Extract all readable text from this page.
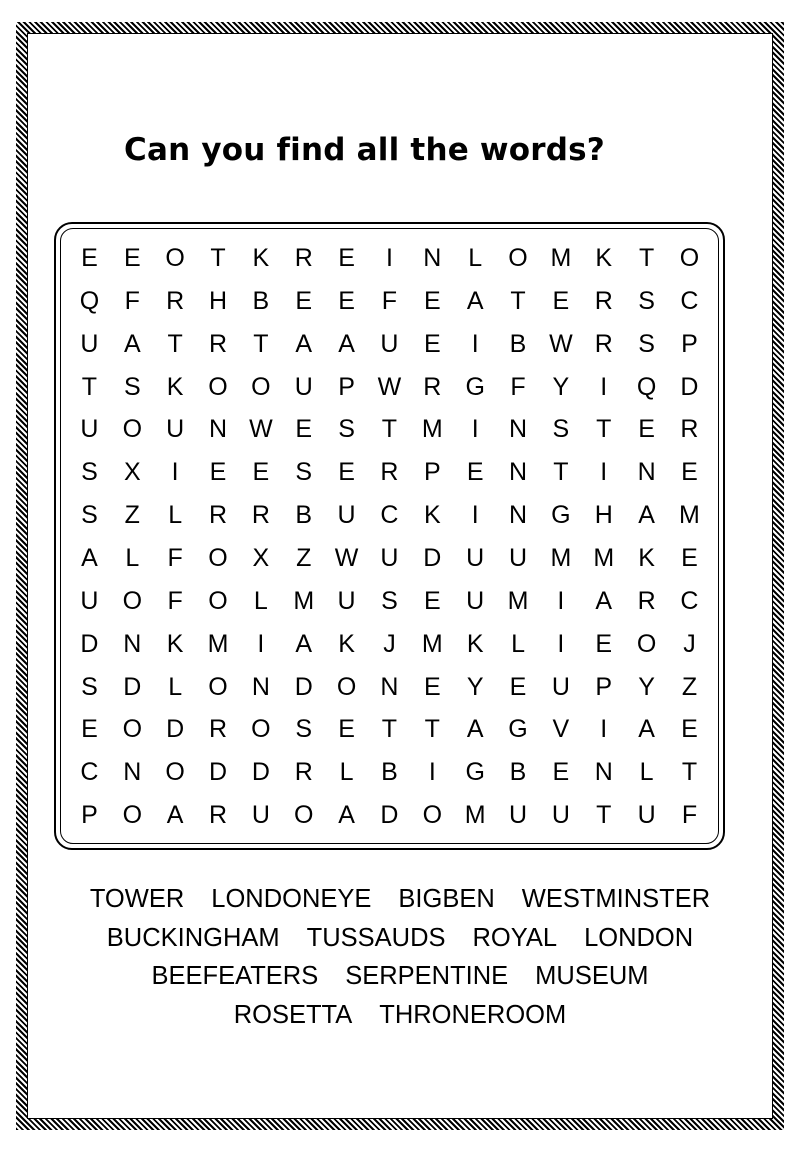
Can you find all the words?
E	E O	T	K	R	E	I	N	L	O M K	T	O
Q	F	R H	B	E	E	F	E	A	T	E	R	S	C
U	A	T	R	T	A	A	U	E	I	B W R	S	P
T	S	K O O U	P W R G	F	Y	I	Q D
U O U N W E	S	T M	I	N	S	T	E	R
S	X	I	E	E	S	E	R	P	E	N	T	I	N	E
S	Z	L	R R	B	U C	K	I	N G H	A M
A	L	F	O X	Z W U D U U M M K	E
U O	F	O	L	M U	S	E	U M	I	A	R C
D N	K M	I	A	K	J	M K	L	I	E O	J
S	D	L	O N D O N	E	Y	E	U	P	Y	Z
E O D R O S	E	T	T	A G V	I	A	E
C N O D D R	L	B	I	G B	E	N	L	T
P O A	R U O A	D O M U U	T	U	F
TOWER LONDONEYE BIGBEN WESTMINSTER
BUCKINGHAM TUSSAUDS ROYAL LONDON
BEEFEATERS SERPENTINE MUSEUM
ROSETTA THRONEROOM
